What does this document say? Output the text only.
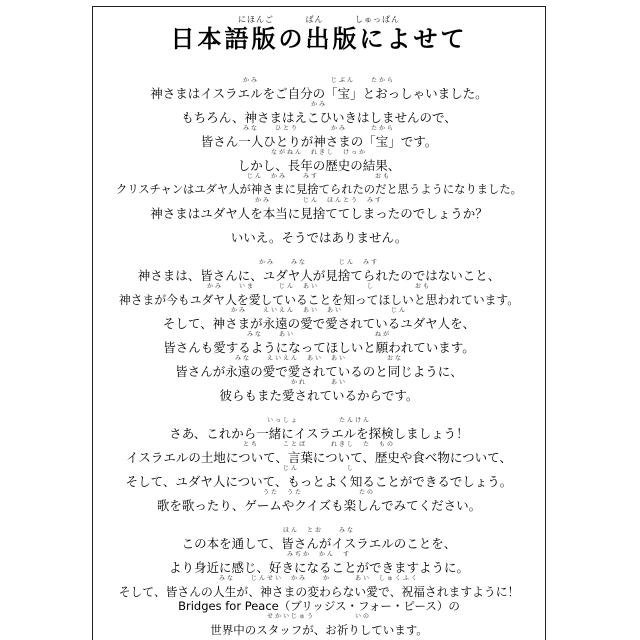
にほんご	ばん	しゅっぱん
日本語版の出版によせて
かみ　　　　　　　　　じぶん　　たから
神さまはイスラエルをご自分の「宝」とおっしゃいました。
かみ
もちろん、神さまはえこひいきはしませんので、
みな　　ひとり　　　　かみ　　　たから
皆さん一人ひとりが神さまの「宝」です。
ながねん　れきし　けっか
しかし、長年の歴史の結果、
じん　かみ　　みす　　　　　　　おも
クリスチャンはユダヤ人が神さまに見捨てられたのだと思うようになりました。
かみ　　　　じん　ほんとう　みす
神さまはユダヤ人を本当に見捨ててしまったのでしょうか？
いいえ。そうではありません。
かみ　　みな　　　　じん　みす
神さまは、皆さんに、ユダヤ人が見捨てられたのではないこと、
かみ　　いま　　　じん　あい　　　　　　し　　　　　おも
神さまが今もユダヤ人を愛していることを知ってほしいと思われています。
かみ　　えいえん　あい　あい　　　　　　じん
そして、神さまが永遠の愛で愛されているユダヤ人を、
みな　　あい　　　　　　　　　　ねが
皆さんも愛するようになってほしいと願われています。
みな　　えいえん　あい　あい　　　　　おな
皆さんが永遠の愛で愛されているのと同じように、
かれ　　　あい
彼らもまた愛されているからです。
いっしょ　　　　　たんけん
さあ、これから一緒にイスラエルを探検しましょう！
とち　　　ことば　　　れきし　た　もの
イスラエルの土地について、言葉について、歴史や食べ物について、
じん　　　　　　し
そして、ユダヤ人について、もっとよく知ることができるでしょう。
うた　うた　　　　　　　たの
歌を歌ったり、ゲームやクイズも楽しんでみてください。
ほん　とお　　みな
この本を通して、皆さんがイスラエルのことを、
みぢか　かん　す
より身近に感じ、好きになることができますように。
みな　　じんせい　かみ　　か　　　あい　しゅくふく
そして、皆さんの人生が、神さまの変わらない愛で、祝福されますように！
Bridges for Peace（ブリッジス・フォー・ピース）の
せかいじゅう　　　　　いの
世界中のスタッフが、お祈りしています。
